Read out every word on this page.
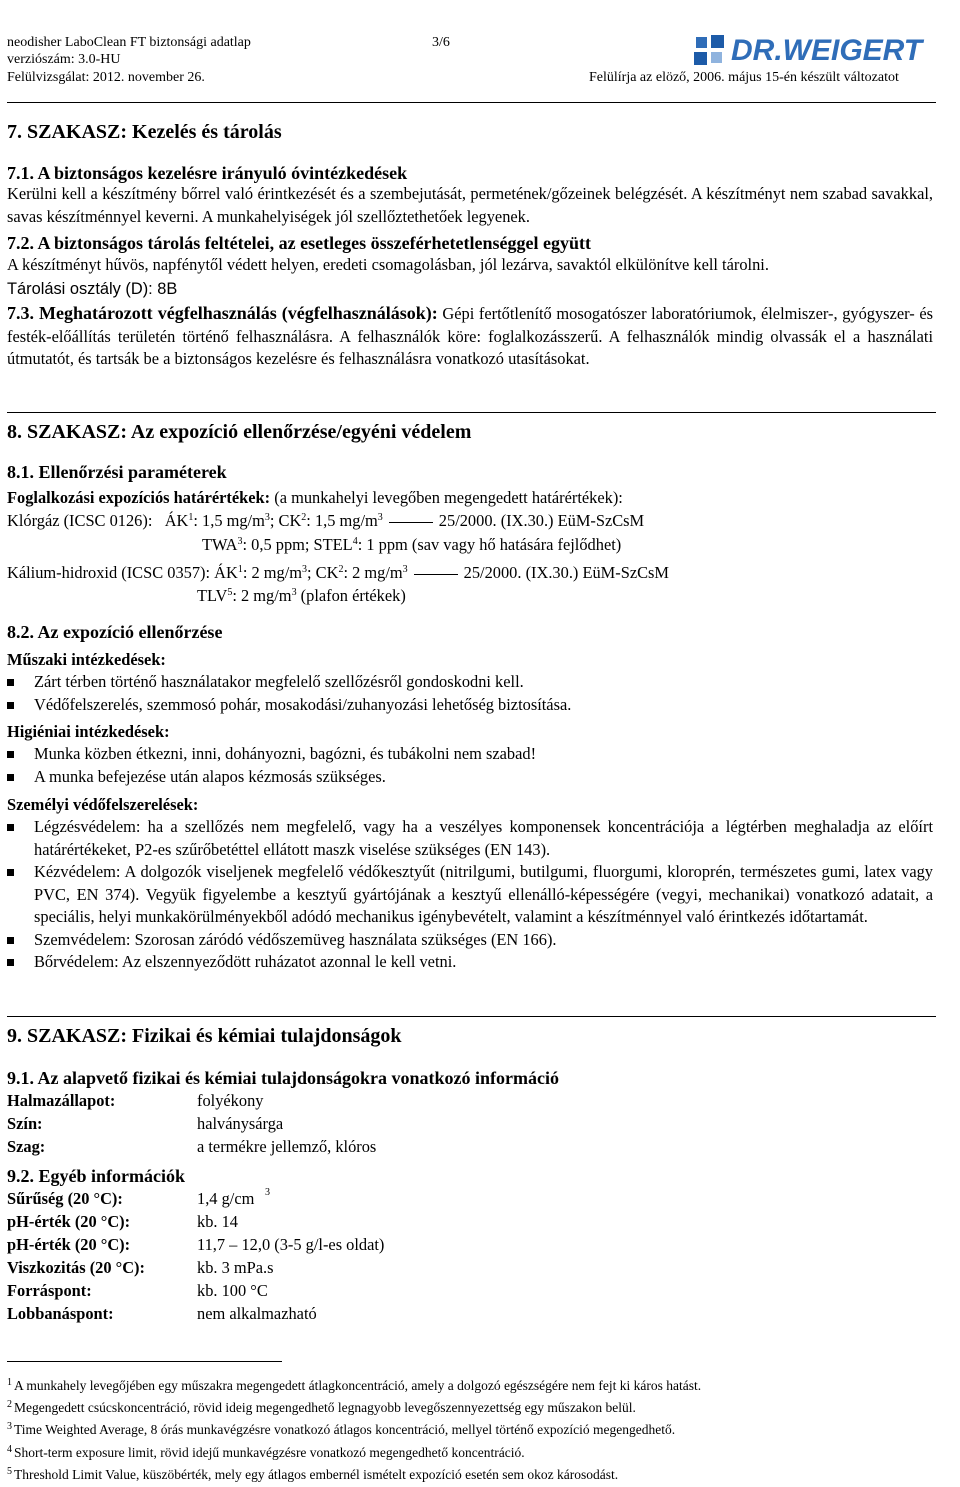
neodisher LaboClean FT biztonsági adatlap
verziószám: 3.0-HU
Felülvizsgálat: 2012. november 26.
3/6
Felülírja az elöző, 2006. május 15-én készült változatot
DR.WEIGERT
7. SZAKASZ: Kezelés és tárolás
7.1. A biztonságos kezelésre irányuló óvintézkedések
Kerülni kell a készítmény bőrrel való érintkezését és a szembejutását, permetének/gőzeinek belégzését. A készítményt nem szabad savakkal, savas készítménnyel keverni. A munkahelyiségek jól szellőztethetőek legyenek.
7.2. A biztonságos tárolás feltételei, az esetleges összeférhetetlenséggel együtt
A készítményt hűvös, napfénytől védett helyen, eredeti csomagolásban, jól lezárva, savaktól elkülönítve kell tárolni.
Tárolási osztály (D): 8B
7.3. Meghatározott végfelhasználás (végfelhasználások): Gépi fertőtlenítő mosogatószer laboratóriumok, élelmiszer-, gyógyszer- és festék-előállítás területén történő felhasználásra. A felhasználók köre: foglalkozásszerű. A felhasználók mindig olvassák el a használati útmutatót, és tartsák be a biztonságos kezelésre és felhasználásra vonatkozó utasításokat.
8. SZAKASZ: Az expozíció ellenőrzése/egyéni védelem
8.1. Ellenőrzési paraméterek
Foglalkozási expozíciós határértékek: (a munkahelyi levegőben megengedett határértékek):
Klórgáz (ICSC 0126): $ÁK^1$: 1,5 $mg/m^3$; $CK^2$: 1,5 $mg/m^3$	25/2000. (IX.30.) EüM-SzCsM
TWA$^3$: 0,5 ppm; STEL$^4$: 1 ppm (sav vagy hő hatására fejlődhet)
Kálium-hidroxid (ICSC 0357): $ÁK^1$: 2 $mg/m^3$; $CK^2$: 2 $mg/m^3$	25/2000. (IX.30.) EüM-SzCsM
TLV$^5$: 2 $mg/m^3$ (plafon értékek)
8.2. Az expozíció ellenőrzése
Műszaki intézkedések:
Zárt térben történő használatakor megfelelő szellőzésről gondoskodni kell.
Védőfelszerelés, szemmosó pohár, mosakodási/zuhanyozási lehetőség biztosítása.
Higiéniai intézkedések:
Munka közben étkezni, inni, dohányozni, bagózni, és tubákolni nem szabad!
A munka befejezése után alapos kézmosás szükséges.
Személyi védőfelszerelések:
Légzésvédelem: ha a szellőzés nem megfelelő, vagy ha a veszélyes komponensek koncentrációja a légtérben meghaladja az előírt határértékeket, P2-es szűrőbetéttel ellátott maszk viselése szükséges (EN 143).
Kézvédelem: A dolgozók viseljenek megfelelő védőkesztyűt (nitrilgumi, butilgumi, fluorgumi, kloroprén, természetes gumi, latex vagy PVC, EN 374). Vegyük figyelembe a kesztyű gyártójának a kesztyű ellenálló-képességére (vegyi, mechanikai) vonatkozó adatait, a speciális, helyi munkakörülményekből adódó mechanikus igénybevételt, valamint a készítménnyel való érintkezés időtartamát.
Szemvédelem: Szorosan záródó védőszemüveg használata szükséges (EN 166).
Bőrvédelem: Az elszennyeződött ruházatot azonnal le kell vetni.
9. SZAKASZ: Fizikai és kémiai tulajdonságok
9.1. Az alapvető fizikai és kémiai tulajdonságokra vonatkozó információ
Halmazállapot:	folyékony
Szín:	halványsárga
Szag:	a termékre jellemző, klóros
9.2. Egyéb információk
Sűrűség (20 °C):	1,4 g/cm 3
pH-érték (20 °C):	kb. 14
pH-érték (20 °C):	11,7 – 12,0 (3-5 g/l-es oldat)
Viszkozitás (20 °C):	kb. 3 mPa.s
Forráspont:	kb. 100 °C
Lobbanáspont:	nem alkalmazható
$^1$ A munkahely levegőjében egy műszakra megengedett átlagkoncentráció, amely a dolgozó egészségére nem fejt ki káros hatást.
$^2$ Megengedett csúcskoncentráció, rövid ideig megengedhető legnagyobb levegőszennyezettség egy műszakon belül.
$^3$ Time Weighted Average, 8 órás munkavégzésre vonatkozó átlagos koncentráció, mellyel történő expozíció megengedhető.
$^4$ Short-term exposure limit, rövid idejű munkavégzésre vonatkozó megengedhető koncentráció.
$^5$ Threshold Limit Value, küszöbérték, mely egy átlagos embernél ismételt expozíció esetén sem okoz károsodást.
